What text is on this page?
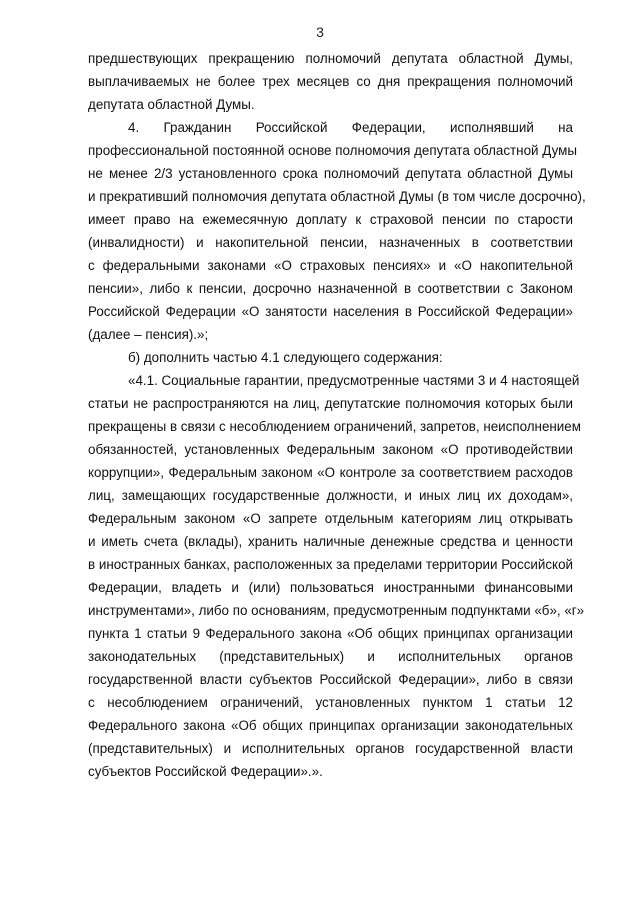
3
предшествующих прекращению полномочий депутата областной Думы,
выплачиваемых не более трех месяцев со дня прекращения полномочий
депутата областной Думы.
4. Гражданин Российской Федерации, исполнявший на
профессиональной постоянной основе полномочия депутата областной Думы
не менее 2/3 установленного срока полномочий депутата областной Думы
и прекративший полномочия депутата областной Думы (в том числе досрочно),
имеет право на ежемесячную доплату к страховой пенсии по старости
(инвалидности) и накопительной пенсии, назначенных в соответствии
с федеральными законами «О страховых пенсиях» и «О накопительной
пенсии», либо к пенсии, досрочно назначенной в соответствии с Законом
Российской Федерации «О занятости населения в Российской Федерации»
(далее – пенсия).»;
б) дополнить частью 4.1 следующего содержания:
«4.1. Социальные гарантии, предусмотренные частями 3 и 4 настоящей
статьи не распространяются на лиц, депутатские полномочия которых были
прекращены в связи с несоблюдением ограничений, запретов, неисполнением
обязанностей, установленных Федеральным законом «О противодействии
коррупции», Федеральным законом «О контроле за соответствием расходов
лиц, замещающих государственные должности, и иных лиц их доходам»,
Федеральным законом «О запрете отдельным категориям лиц открывать
и иметь счета (вклады), хранить наличные денежные средства и ценности
в иностранных банках, расположенных за пределами территории Российской
Федерации, владеть и (или) пользоваться иностранными финансовыми
инструментами», либо по основаниям, предусмотренным подпунктами «б», «г»
пункта 1 статьи 9 Федерального закона «Об общих принципах организации
законодательных (представительных) и исполнительных органов
государственной власти субъектов Российской Федерации», либо в связи
с несоблюдением ограничений, установленных пунктом 1 статьи 12
Федерального закона «Об общих принципах организации законодательных
(представительных) и исполнительных органов государственной власти
субъектов Российской Федерации».».
